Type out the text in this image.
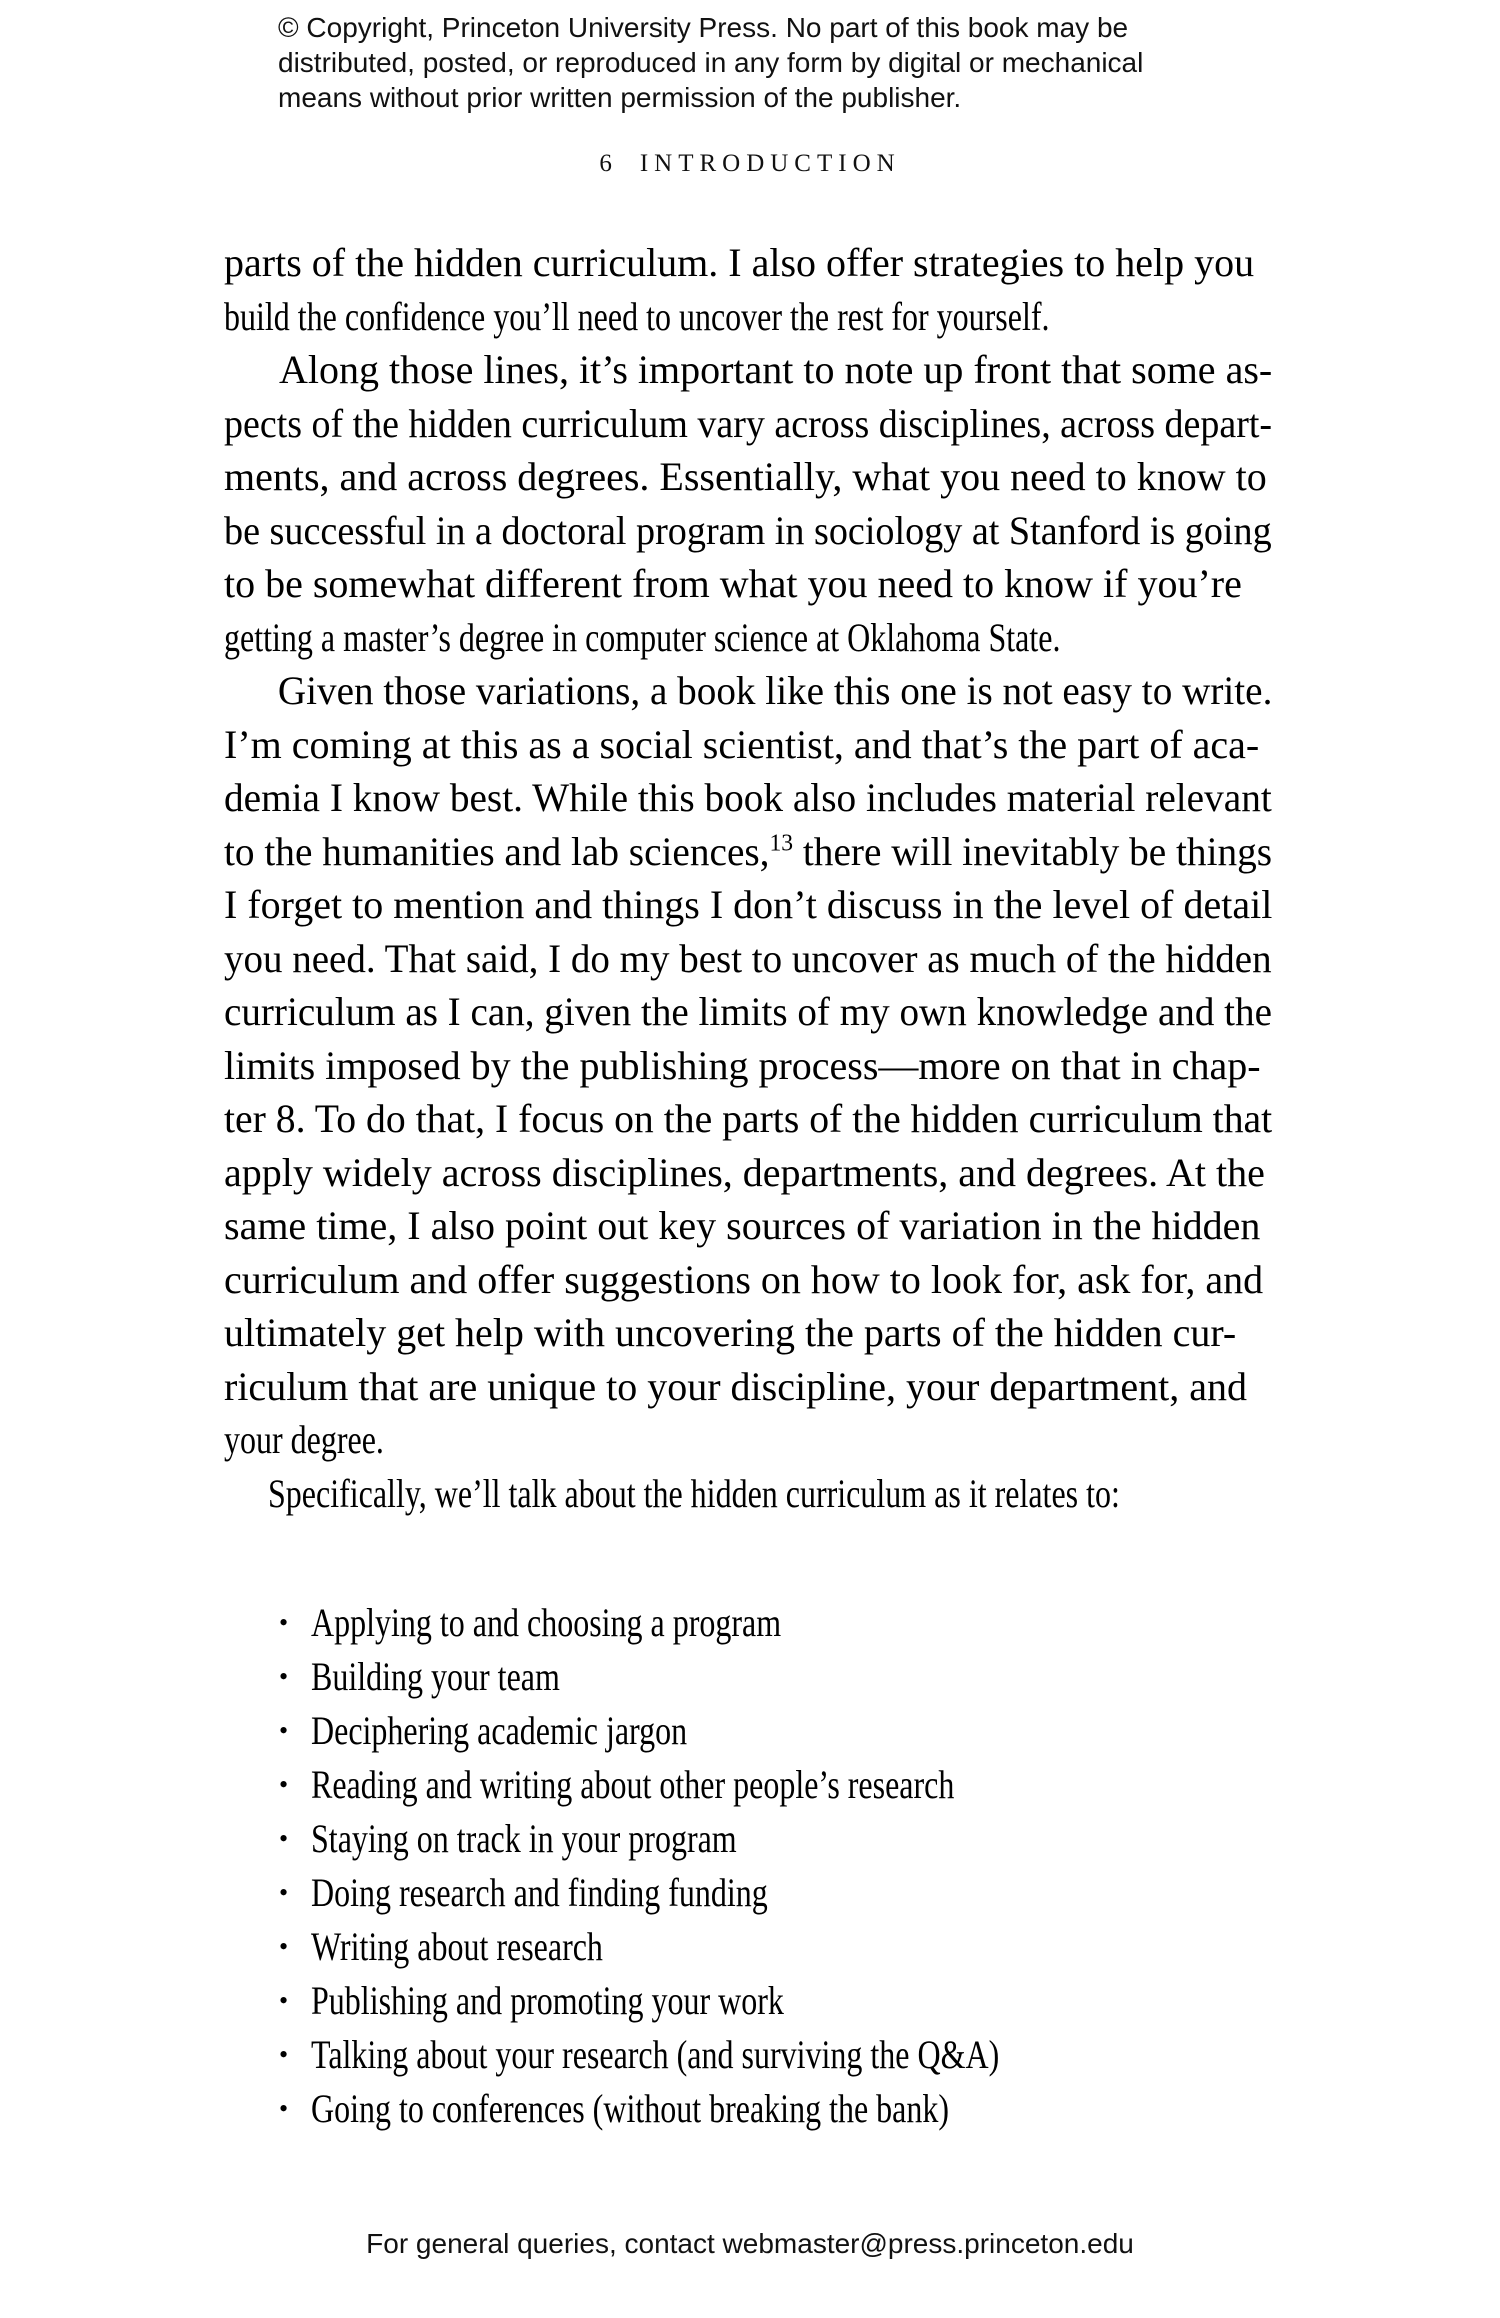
© Copyright, Princeton University Press. No part of this book may be
distributed, posted, or reproduced in any form by digital or mechanical
means without prior written permission of the publisher.
6 INTRODUCTION
parts of the hidden curriculum. I also offer strategies to help you
build the confidence you’ll need to uncover the rest for yourself.
Along those lines, it’s important to note up front that some as-
pects of the hidden curriculum vary across disciplines, across depart-
ments, and across degrees. Essentially, what you need to know to
be successful in a doctoral program in sociology at Stanford is going
to be somewhat different from what you need to know if you’re
getting a master’s degree in computer science at Oklahoma State.
Given those variations, a book like this one is not easy to write.
I’m coming at this as a social scientist, and that’s the part of aca-
demia I know best. While this book also includes material relevant
to the humanities and lab sciences,$^{13}$ there will inevitably be things
I forget to mention and things I don’t discuss in the level of detail
you need. That said, I do my best to uncover as much of the hidden
curriculum as I can, given the limits of my own knowledge and the
limits imposed by the publishing process—more on that in chap-
ter 8. To do that, I focus on the parts of the hidden curriculum that
apply widely across disciplines, departments, and degrees. At the
same time, I also point out key sources of variation in the hidden
curriculum and offer suggestions on how to look for, ask for, and
ultimately get help with uncovering the parts of the hidden cur-
riculum that are unique to your discipline, your department, and
your degree.
Specifically, we’ll talk about the hidden curriculum as it relates to:
• Applying to and choosing a program
• Building your team
• Deciphering academic jargon
• Reading and writing about other people’s research
• Staying on track in your program
• Doing research and finding funding
• Writing about research
• Publishing and promoting your work
• Talking about your research (and surviving the Q&A)
• Going to conferences (without breaking the bank)
For general queries, contact webmaster@press.princeton.edu
